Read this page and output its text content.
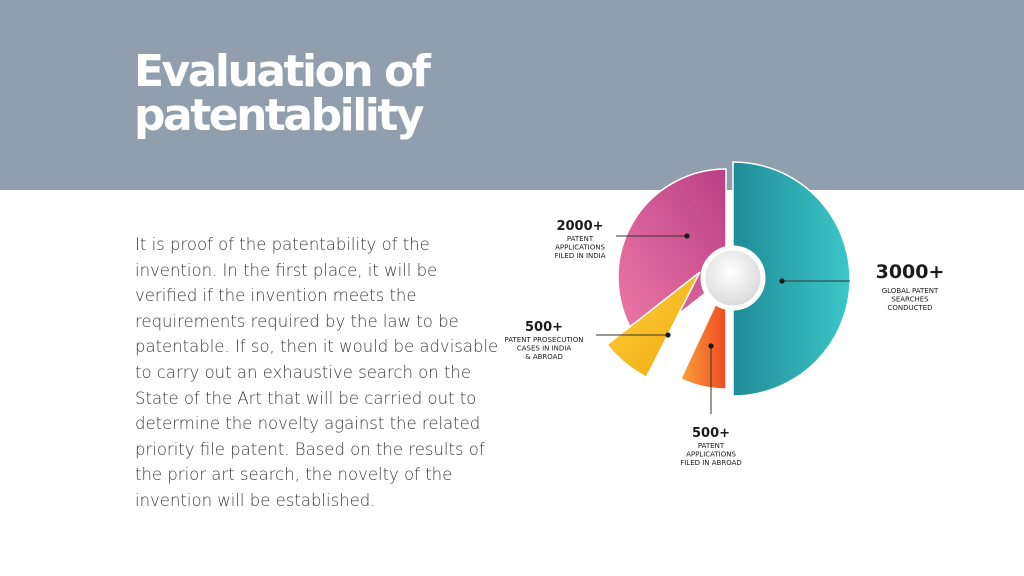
Evaluation of
patentability

It is proof of the patentability of the invention. In the first place, it will be verified if the invention meets the requirements required by the law to be patentable. If so, then it would be advisable to carry out an exhaustive search on the State of the Art that will be carried out to determine the novelty against the related priority file patent. Based on the results of the prior art search, the novelty of the invention will be established.

3000+
GLOBAL PATENT
SEARCHES
CONDUCTED
500+
PATENT
APPLICATIONS
FILED IN ABROAD
500+
PATENT PROSECUTION
CASES IN INDIA
& ABROAD
2000+
PATENT
APPLICATIONS
FILED IN INDIA
